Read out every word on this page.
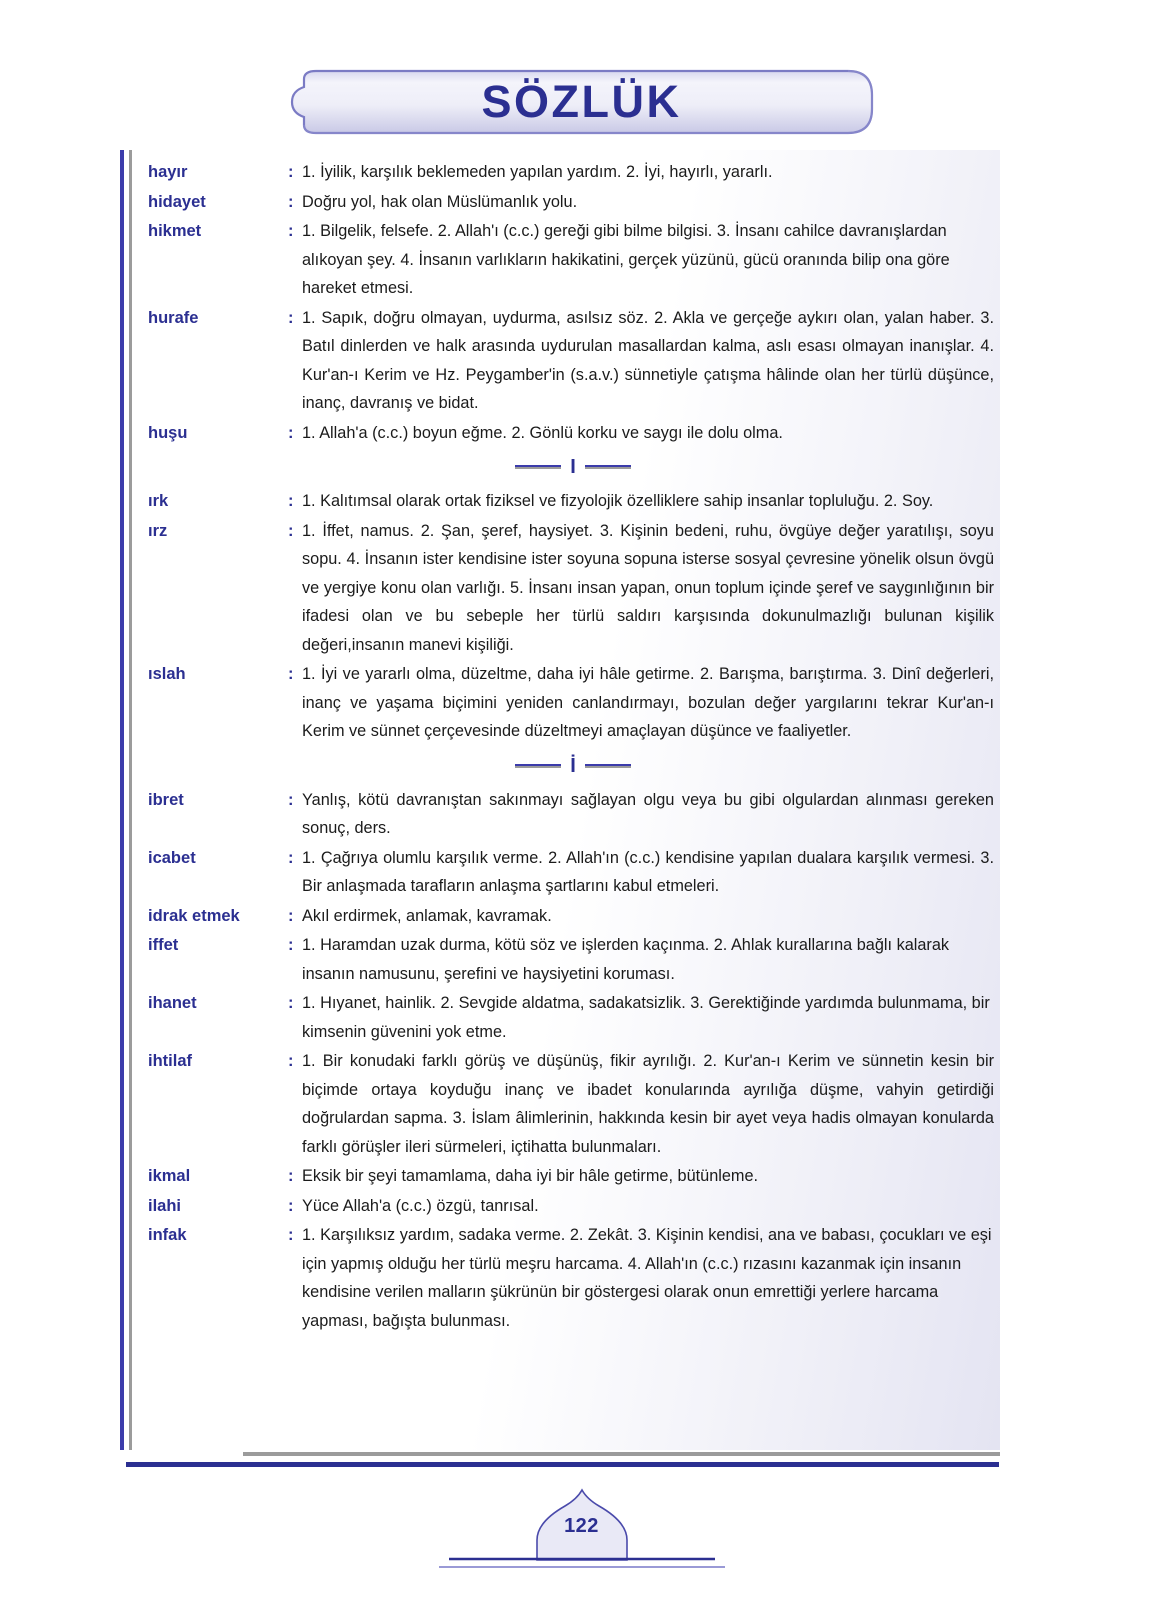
SÖZLÜK
hayır	: 1. İyilik, karşılık beklemeden yapılan yardım. 2. İyi, hayırlı, yararlı.
hidayet	: Doğru yol, hak olan Müslümanlık yolu.
hikmet	: 1. Bilgelik, felsefe. 2. Allah'ı (c.c.) gereği gibi bilme bilgisi. 3. İnsanı cahilce davranışlardan alıkoyan şey. 4. İnsanın varlıkların hakikatini, gerçek yüzünü, gücü oranında bilip ona göre hareket etmesi.
hurafe	: 1. Sapık, doğru olmayan, uydurma, asılsız söz. 2. Akla ve gerçeğe aykırı olan, yalan haber. 3. Batıl dinlerden ve halk arasında uydurulan masallardan kalma, aslı esası olmayan inanışlar. 4. Kur'an-ı Kerim ve Hz. Peygamber'in (s.a.v.) sünnetiyle çatışma hâlinde olan her türlü düşünce, inanç, davranış ve bidat.
huşu	: 1. Allah'a (c.c.) boyun eğme. 2. Gönlü korku ve saygı ile dolu olma.
I
ırk	: 1. Kalıtımsal olarak ortak fiziksel ve fizyolojik özelliklere sahip insanlar topluluğu. 2. Soy.
ırz	: 1. İffet, namus. 2. Şan, şeref, haysiyet. 3. Kişinin bedeni, ruhu, övgüye değer yaratılışı, soyu sopu. 4. İnsanın ister kendisine ister soyuna sopuna isterse sosyal çevresine yönelik olsun övgü ve yergiye konu olan varlığı. 5. İnsanı insan yapan, onun toplum içinde şeref ve saygınlığının bir ifadesi olan ve bu sebeple her türlü saldırı karşısında dokunulmazlığı bulunan kişilik değeri,insanın manevi kişiliği.
ıslah	: 1. İyi ve yararlı olma, düzeltme, daha iyi hâle getirme. 2. Barışma, barıştırma. 3. Dinî değerleri, inanç ve yaşama biçimini yeniden canlandırmayı, bozulan değer yargılarını tekrar Kur'an-ı Kerim ve sünnet çerçevesinde düzeltmeyi amaçlayan düşünce ve faaliyetler.
İ
ibret	: Yanlış, kötü davranıştan sakınmayı sağlayan olgu veya bu gibi olgulardan alınması gereken sonuç, ders.
icabet	: 1. Çağrıya olumlu karşılık verme. 2. Allah'ın (c.c.) kendisine yapılan dualara karşılık vermesi. 3. Bir anlaşmada tarafların anlaşma şartlarını kabul etmeleri.
idrak etmek	: Akıl erdirmek, anlamak, kavramak.
iffet	: 1. Haramdan uzak durma, kötü söz ve işlerden kaçınma. 2. Ahlak kurallarına bağlı kalarak insanın namusunu, şerefini ve haysiyetini koruması.
ihanet	: 1. Hıyanet, hainlik. 2. Sevgide aldatma, sadakatsizlik. 3. Gerektiğinde yardımda bulunmama, bir kimsenin güvenini yok etme.
ihtilaf	: 1. Bir konudaki farklı görüş ve düşünüş, fikir ayrılığı. 2. Kur'an-ı Kerim ve sünnetin kesin bir biçimde ortaya koyduğu inanç ve ibadet konularında ayrılığa düşme, vahyin getirdiği doğrulardan sapma. 3. İslam âlimlerinin, hakkında kesin bir ayet veya hadis olmayan konularda farklı görüşler ileri sürmeleri, içtihatta bulunmaları.
ikmal	: Eksik bir şeyi tamamlama, daha iyi bir hâle getirme, bütünleme.
ilahi	: Yüce Allah'a (c.c.) özgü, tanrısal.
infak	: 1. Karşılıksız yardım, sadaka verme. 2. Zekât. 3. Kişinin kendisi, ana ve babası, çocukları ve eşi için yapmış olduğu her türlü meşru harcama. 4. Allah'ın (c.c.) rızasını kazanmak için insanın kendisine verilen malların şükrünün bir göstergesi olarak onun emrettiği yerlere harcama yapması, bağışta bulunması.
122
